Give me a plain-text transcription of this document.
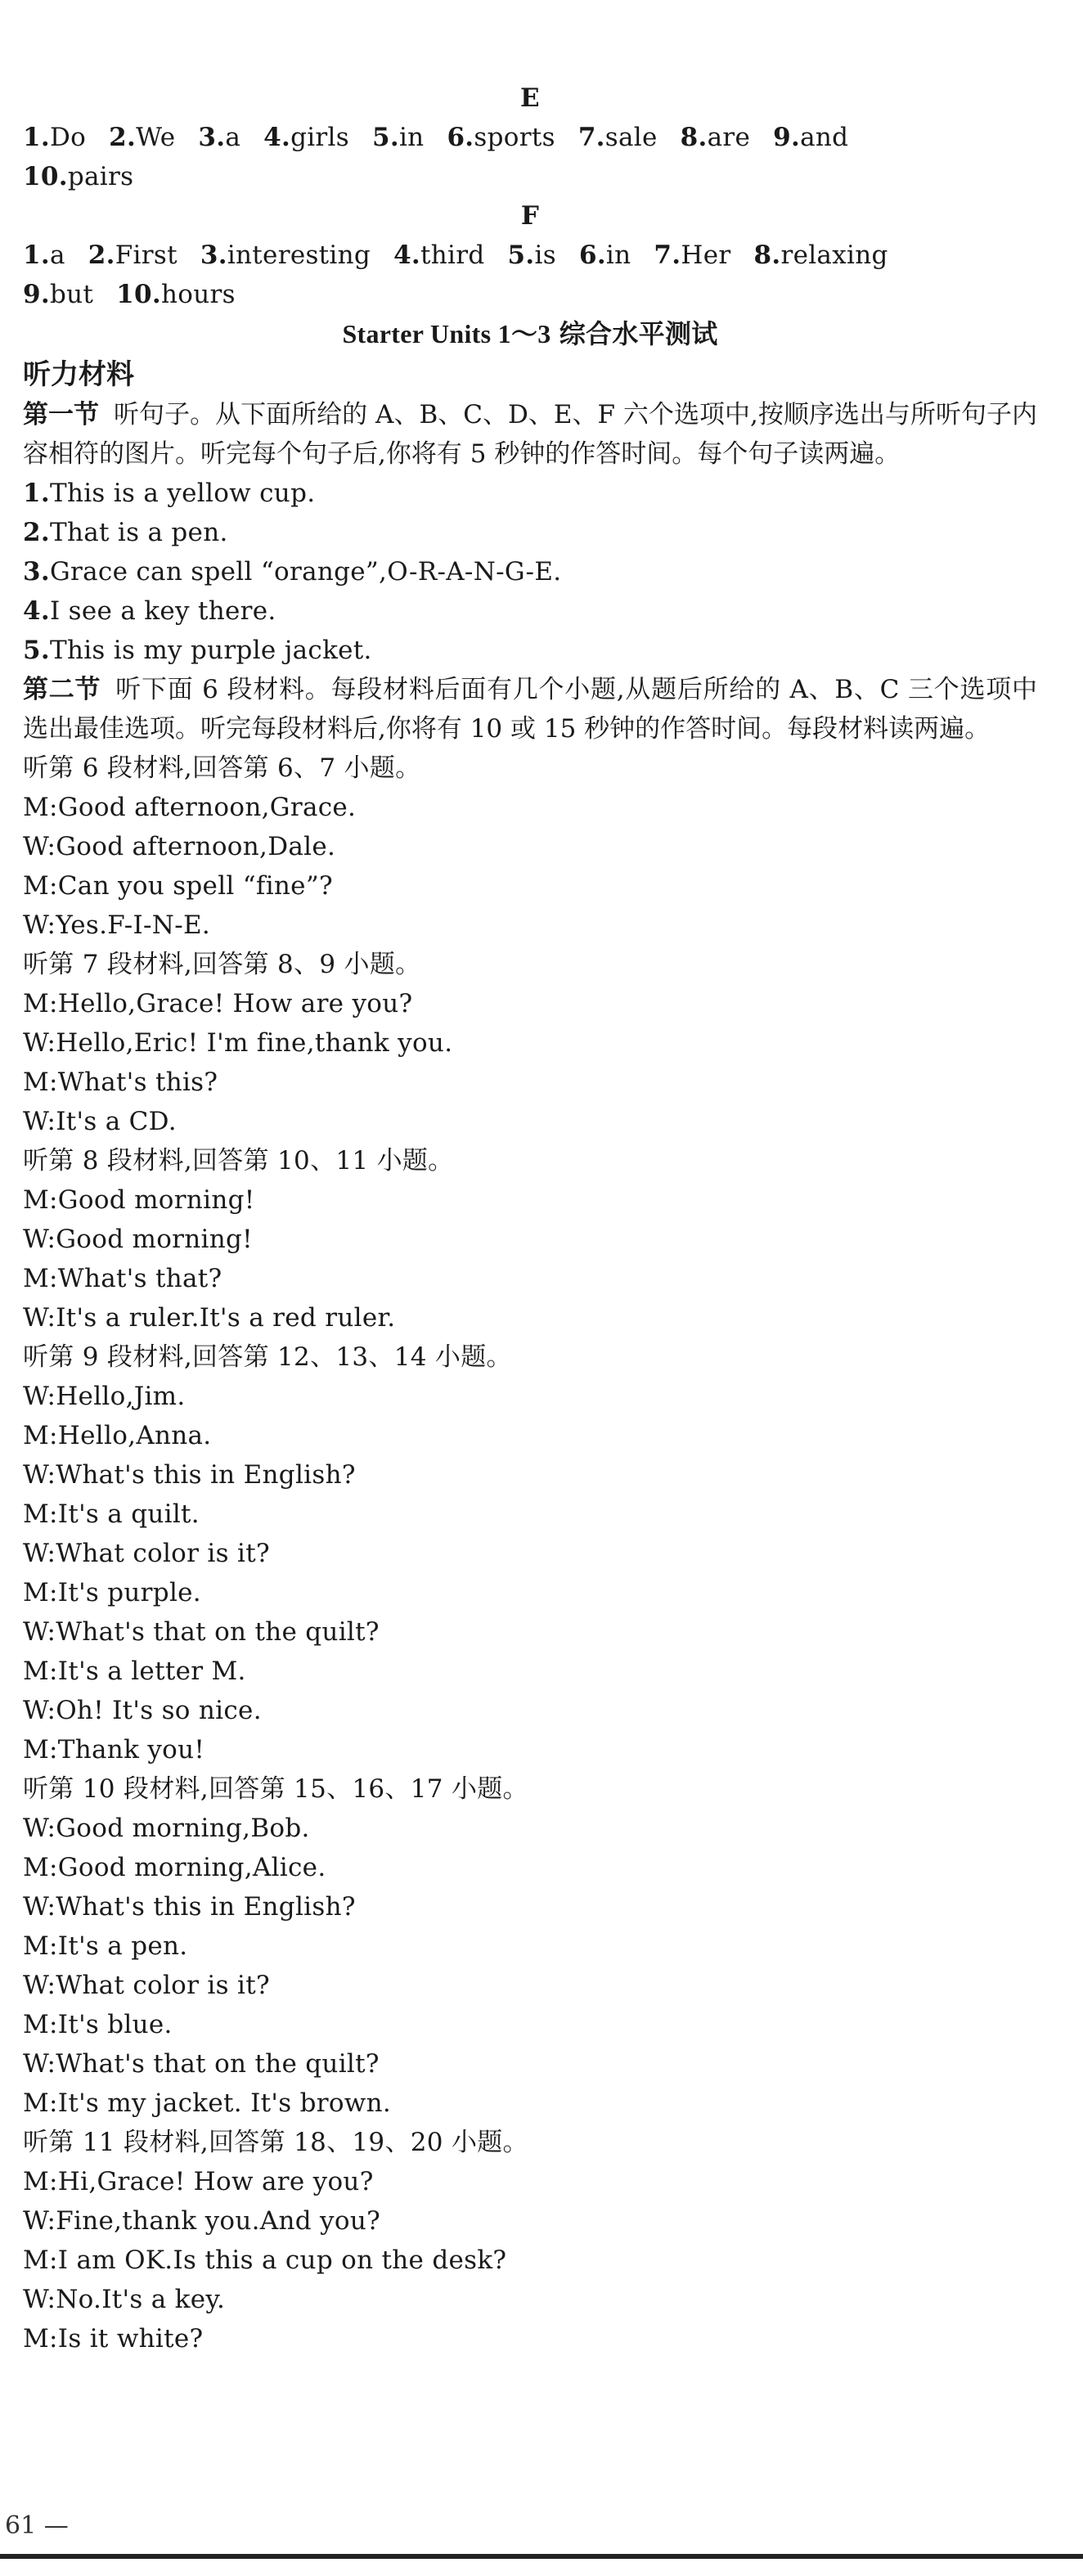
E
1.Do 2.We 3.a 4.girls 5.in 6.sports 7.sale 8.are 9.and
10.pairs
F
1.a 2.First 3.interesting 4.third 5.is 6.in 7.Her 8.relaxing
9.but 10.hours
Starter Units 1～3 综合水平测试
听力材料
第一节 听句子。从下面所给的 A、B、C、D、E、F 六个选项中,按顺序选出与所听句子内容相符的图片。听完每个句子后,你将有 5 秒钟的作答时间。每个句子读两遍。
1.This is a yellow cup.
2.That is a pen.
3.Grace can spell “orange”,O-R-A-N-G-E.
4.I see a key there.
5.This is my purple jacket.
第二节 听下面 6 段材料。每段材料后面有几个小题,从题后所给的 A、B、C 三个选项中选出最佳选项。听完每段材料后,你将有 10 或 15 秒钟的作答时间。每段材料读两遍。
听第 6 段材料,回答第 6、7 小题。
M:Good afternoon,Grace.
W:Good afternoon,Dale.
M:Can you spell “fine”?
W:Yes.F-I-N-E.
听第 7 段材料,回答第 8、9 小题。
M:Hello,Grace! How are you?
W:Hello,Eric! I'm fine,thank you.
M:What's this?
W:It's a CD.
听第 8 段材料,回答第 10、11 小题。
M:Good morning!
W:Good morning!
M:What's that?
W:It's a ruler.It's a red ruler.
听第 9 段材料,回答第 12、13、14 小题。
W:Hello,Jim.
M:Hello,Anna.
W:What's this in English?
M:It's a quilt.
W:What color is it?
M:It's purple.
W:What's that on the quilt?
M:It's a letter M.
W:Oh! It's so nice.
M:Thank you!
听第 10 段材料,回答第 15、16、17 小题。
W:Good morning,Bob.
M:Good morning,Alice.
W:What's this in English?
M:It's a pen.
W:What color is it?
M:It's blue.
W:What's that on the quilt?
M:It's my jacket. It's brown.
听第 11 段材料,回答第 18、19、20 小题。
M:Hi,Grace! How are you?
W:Fine,thank you.And you?
M:I am OK.Is this a cup on the desk?
W:No.It's a key.
M:Is it white?
61 —
